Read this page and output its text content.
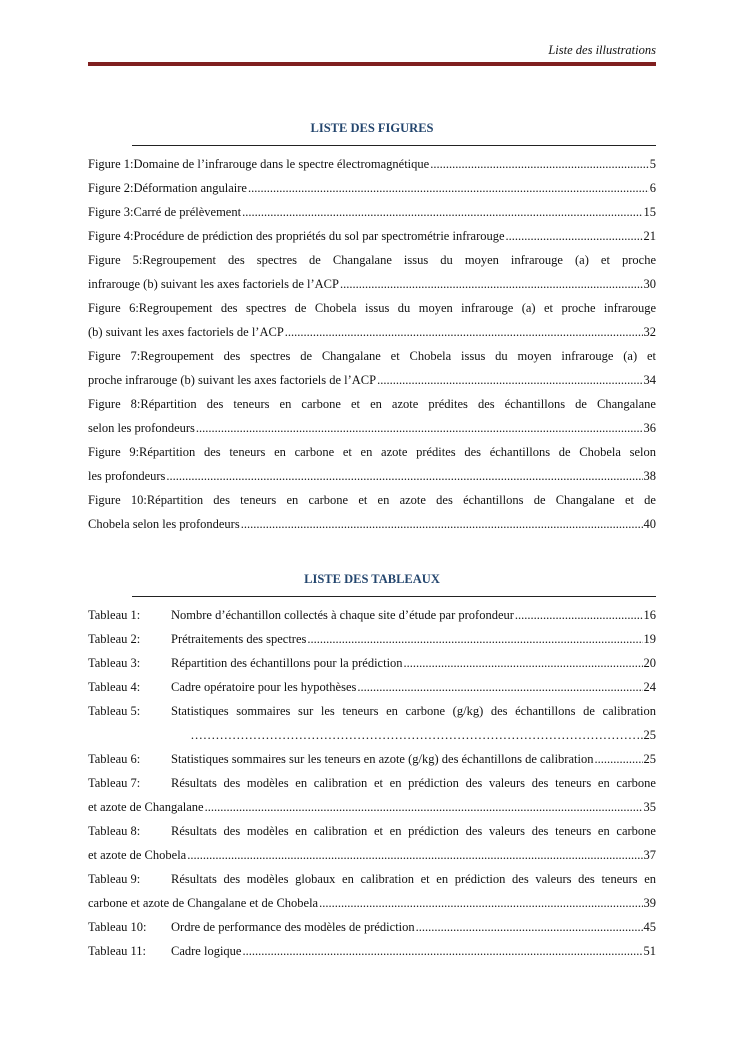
Liste des illustrations
LISTE DES FIGURES
Figure 1:Domaine de l’infrarouge dans le spectre électromagnétique .....	5
Figure 2:Déformation angulaire .....	6
Figure 3:Carré de prélèvement .....	15
Figure 4:Procédure de prédiction des propriétés du sol par spectrométrie infrarouge .....	21
Figure 5:Regroupement des spectres de Changalane issus du moyen infrarouge (a) et proche
infrarouge (b) suivant les axes factoriels de l’ACP .....	30
Figure 6:Regroupement des spectres de Chobela issus du moyen infrarouge (a) et proche infrarouge
(b) suivant les axes factoriels de l’ACP .....	32
Figure 7:Regroupement des spectres de Changalane et Chobela issus du moyen infrarouge (a) et
proche infrarouge (b) suivant les axes factoriels de l’ACP .....	34
Figure 8:Répartition des teneurs en carbone et en azote prédites des échantillons de Changalane
selon les profondeurs .....	36
Figure 9:Répartition des teneurs en carbone et en azote prédites des échantillons de Chobela selon
les profondeurs .....	38
Figure 10:Répartition des teneurs en carbone et en azote des échantillons de Changalane et de
Chobela selon les profondeurs .....	40
LISTE DES TABLEAUX
Tableau 1:	Nombre d’échantillon collectés à chaque site d’étude par profondeur .....	16
Tableau 2:	Prétraitements des spectres .....	19
Tableau 3:	Répartition des échantillons pour la prédiction .....	20
Tableau 4:	Cadre opératoire pour les hypothèses .....	24
Tableau 5:	Statistiques sommaires sur les teneurs en carbone (g/kg) des échantillons de calibration
……………………………………………………………………………………………….25
Tableau 6:	Statistiques sommaires sur les teneurs en azote (g/kg) des échantillons de calibration .....	25
Tableau 7:	Résultats des modèles en calibration et en prédiction des valeurs des teneurs en carbone
et azote de Changalane .....	35
Tableau 8:	Résultats des modèles en calibration et en prédiction des valeurs des teneurs en carbone
et azote de Chobela .....	37
Tableau 9:	Résultats des modèles globaux en calibration et en prédiction des valeurs des teneurs en
carbone et azote de Changalane et de Chobela .....	39
Tableau 10:	Ordre de performance des modèles de prédiction .....	45
Tableau 11:	Cadre logique .....	51
